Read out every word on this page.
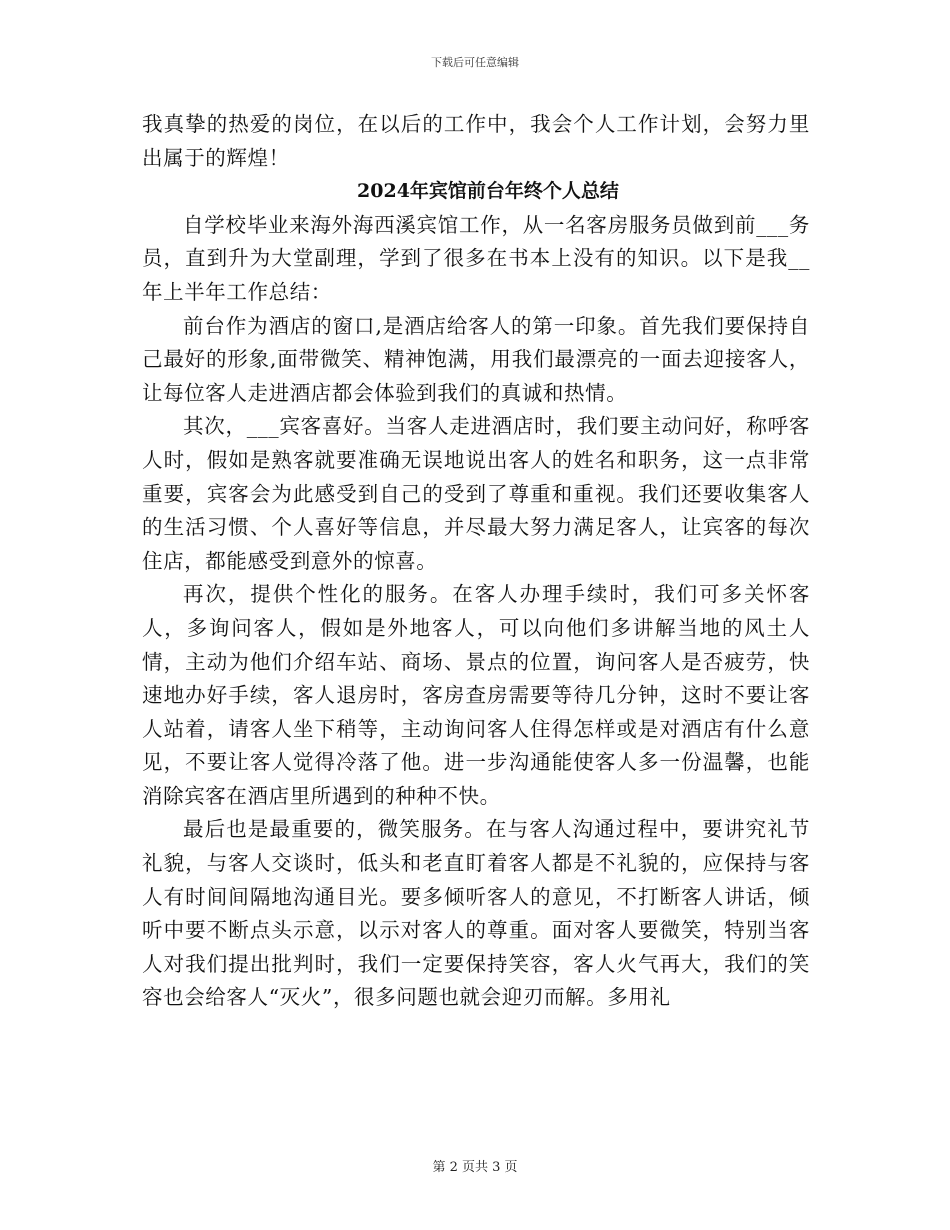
下载后可任意编辑

我真挚的热爱的岗位，在以后的工作中，我会个人工作计划，会努力里出属于的辉煌！

2024年宾馆前台年终个人总结

自学校毕业来海外海西溪宾馆工作，从一名客房服务员做到前___务员，直到升为大堂副理，学到了很多在书本上没有的知识。以下是我__年上半年工作总结：

前台作为酒店的窗口,是酒店给客人的第一印象。首先我们要保持自己最好的形象,面带微笑、精神饱满，用我们最漂亮的一面去迎接客人，让每位客人走进酒店都会体验到我们的真诚和热情。

其次，___宾客喜好。当客人走进酒店时，我们要主动问好，称呼客人时，假如是熟客就要准确无误地说出客人的姓名和职务，这一点非常重要，宾客会为此感受到自己的受到了尊重和重视。我们还要收集客人的生活习惯、个人喜好等信息，并尽最大努力满足客人，让宾客的每次住店，都能感受到意外的惊喜。

再次，提供个性化的服务。在客人办理手续时，我们可多关怀客人，多询问客人，假如是外地客人，可以向他们多讲解当地的风土人情，主动为他们介绍车站、商场、景点的位置，询问客人是否疲劳，快速地办好手续，客人退房时，客房查房需要等待几分钟，这时不要让客人站着，请客人坐下稍等，主动询问客人住得怎样或是对酒店有什么意见，不要让客人觉得冷落了他。进一步沟通能使客人多一份温馨，也能消除宾客在酒店里所遇到的种种不快。

最后也是最重要的，微笑服务。在与客人沟通过程中，要讲究礼节礼貌，与客人交谈时，低头和老直盯着客人都是不礼貌的，应保持与客人有时间间隔地沟通目光。要多倾听客人的意见，不打断客人讲话，倾听中要不断点头示意，以示对客人的尊重。面对客人要微笑，特别当客人对我们提出批判时，我们一定要保持笑容，客人火气再大，我们的笑容也会给客人“灭火”，很多问题也就会迎刃而解。多用礼

第 2 页共 3 页
